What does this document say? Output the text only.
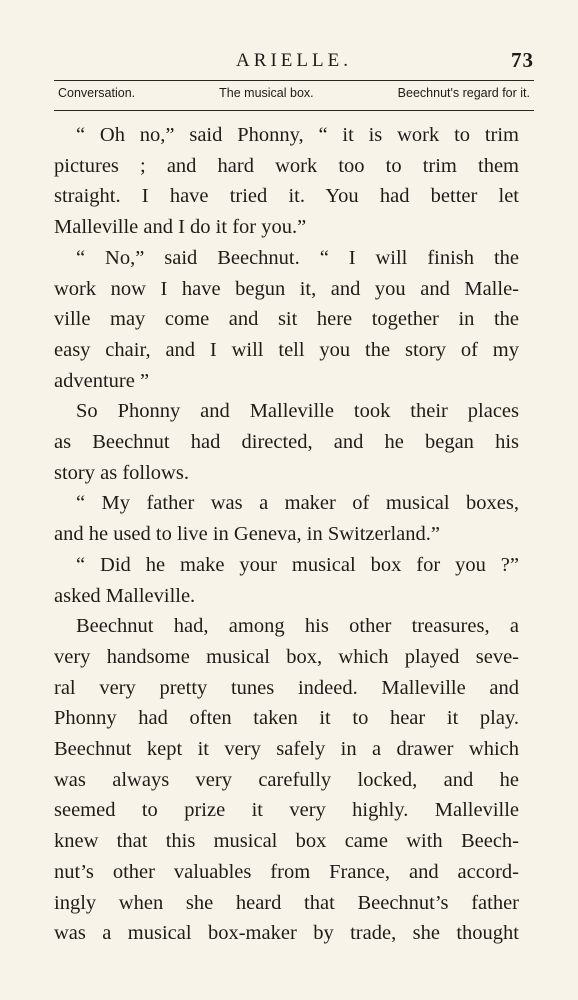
ARIELLE.	73
Conversation.	The musical box.	Beechnut's regard for it.
“ Oh no,” said Phonny, “ it is work to trim
pictures ; and hard work too to trim them
straight. I have tried it. You had better let
Malleville and I do it for you.”
“ No,” said Beechnut. “ I will finish the
work now I have begun it, and you and Malle-
ville may come and sit here together in the
easy chair, and I will tell you the story of my
adventure ”
So Phonny and Malleville took their places
as Beechnut had directed, and he began his
story as follows.
“ My father was a maker of musical boxes,
and he used to live in Geneva, in Switzerland.”
“ Did he make your musical box for you ?”
asked Malleville.
Beechnut had, among his other treasures, a
very handsome musical box, which played seve-
ral very pretty tunes indeed. Malleville and
Phonny had often taken it to hear it play.
Beechnut kept it very safely in a drawer which
was always very carefully locked, and he
seemed to prize it very highly. Malleville
knew that this musical box came with Beech-
nut’s other valuables from France, and accord-
ingly when she heard that Beechnut’s father
was a musical box-maker by trade, she thought
